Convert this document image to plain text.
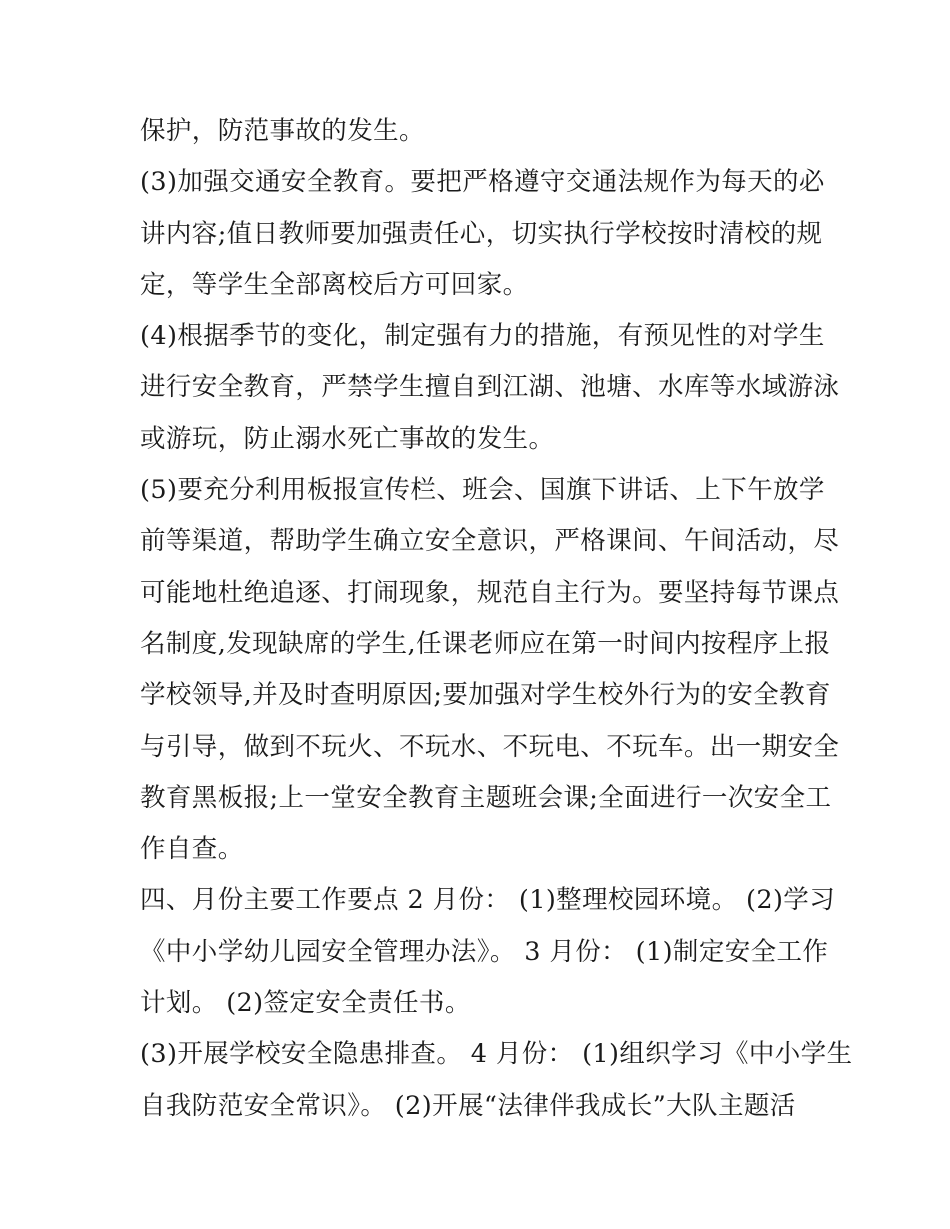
保护，防范事故的发生。
(3)加强交通安全教育。要把严格遵守交通法规作为每天的必
讲内容;值日教师要加强责任心，切实执行学校按时清校的规
定，等学生全部离校后方可回家。
(4)根据季节的变化，制定强有力的措施，有预见性的对学生
进行安全教育，严禁学生擅自到江湖、池塘、水库等水域游泳
或游玩，防止溺水死亡事故的发生。
(5)要充分利用板报宣传栏、班会、国旗下讲话、上下午放学
前等渠道，帮助学生确立安全意识，严格课间、午间活动，尽
可能地杜绝追逐、打闹现象，规范自主行为。要坚持每节课点
名制度,发现缺席的学生,任课老师应在第一时间内按程序上报
学校领导,并及时查明原因;要加强对学生校外行为的安全教育
与引导，做到不玩火、不玩水、不玩电、不玩车。出一期安全
教育黑板报;上一堂安全教育主题班会课;全面进行一次安全工
作自查。
四、月份主要工作要点 2 月份： (1)整理校园环境。 (2)学习
《中小学幼儿园安全管理办法》。 3 月份： (1)制定安全工作
计划。 (2)签定安全责任书。
(3)开展学校安全隐患排查。 4 月份： (1)组织学习《中小学生
自我防范安全常识》。 (2)开展“法律伴我成长”大队主题活
